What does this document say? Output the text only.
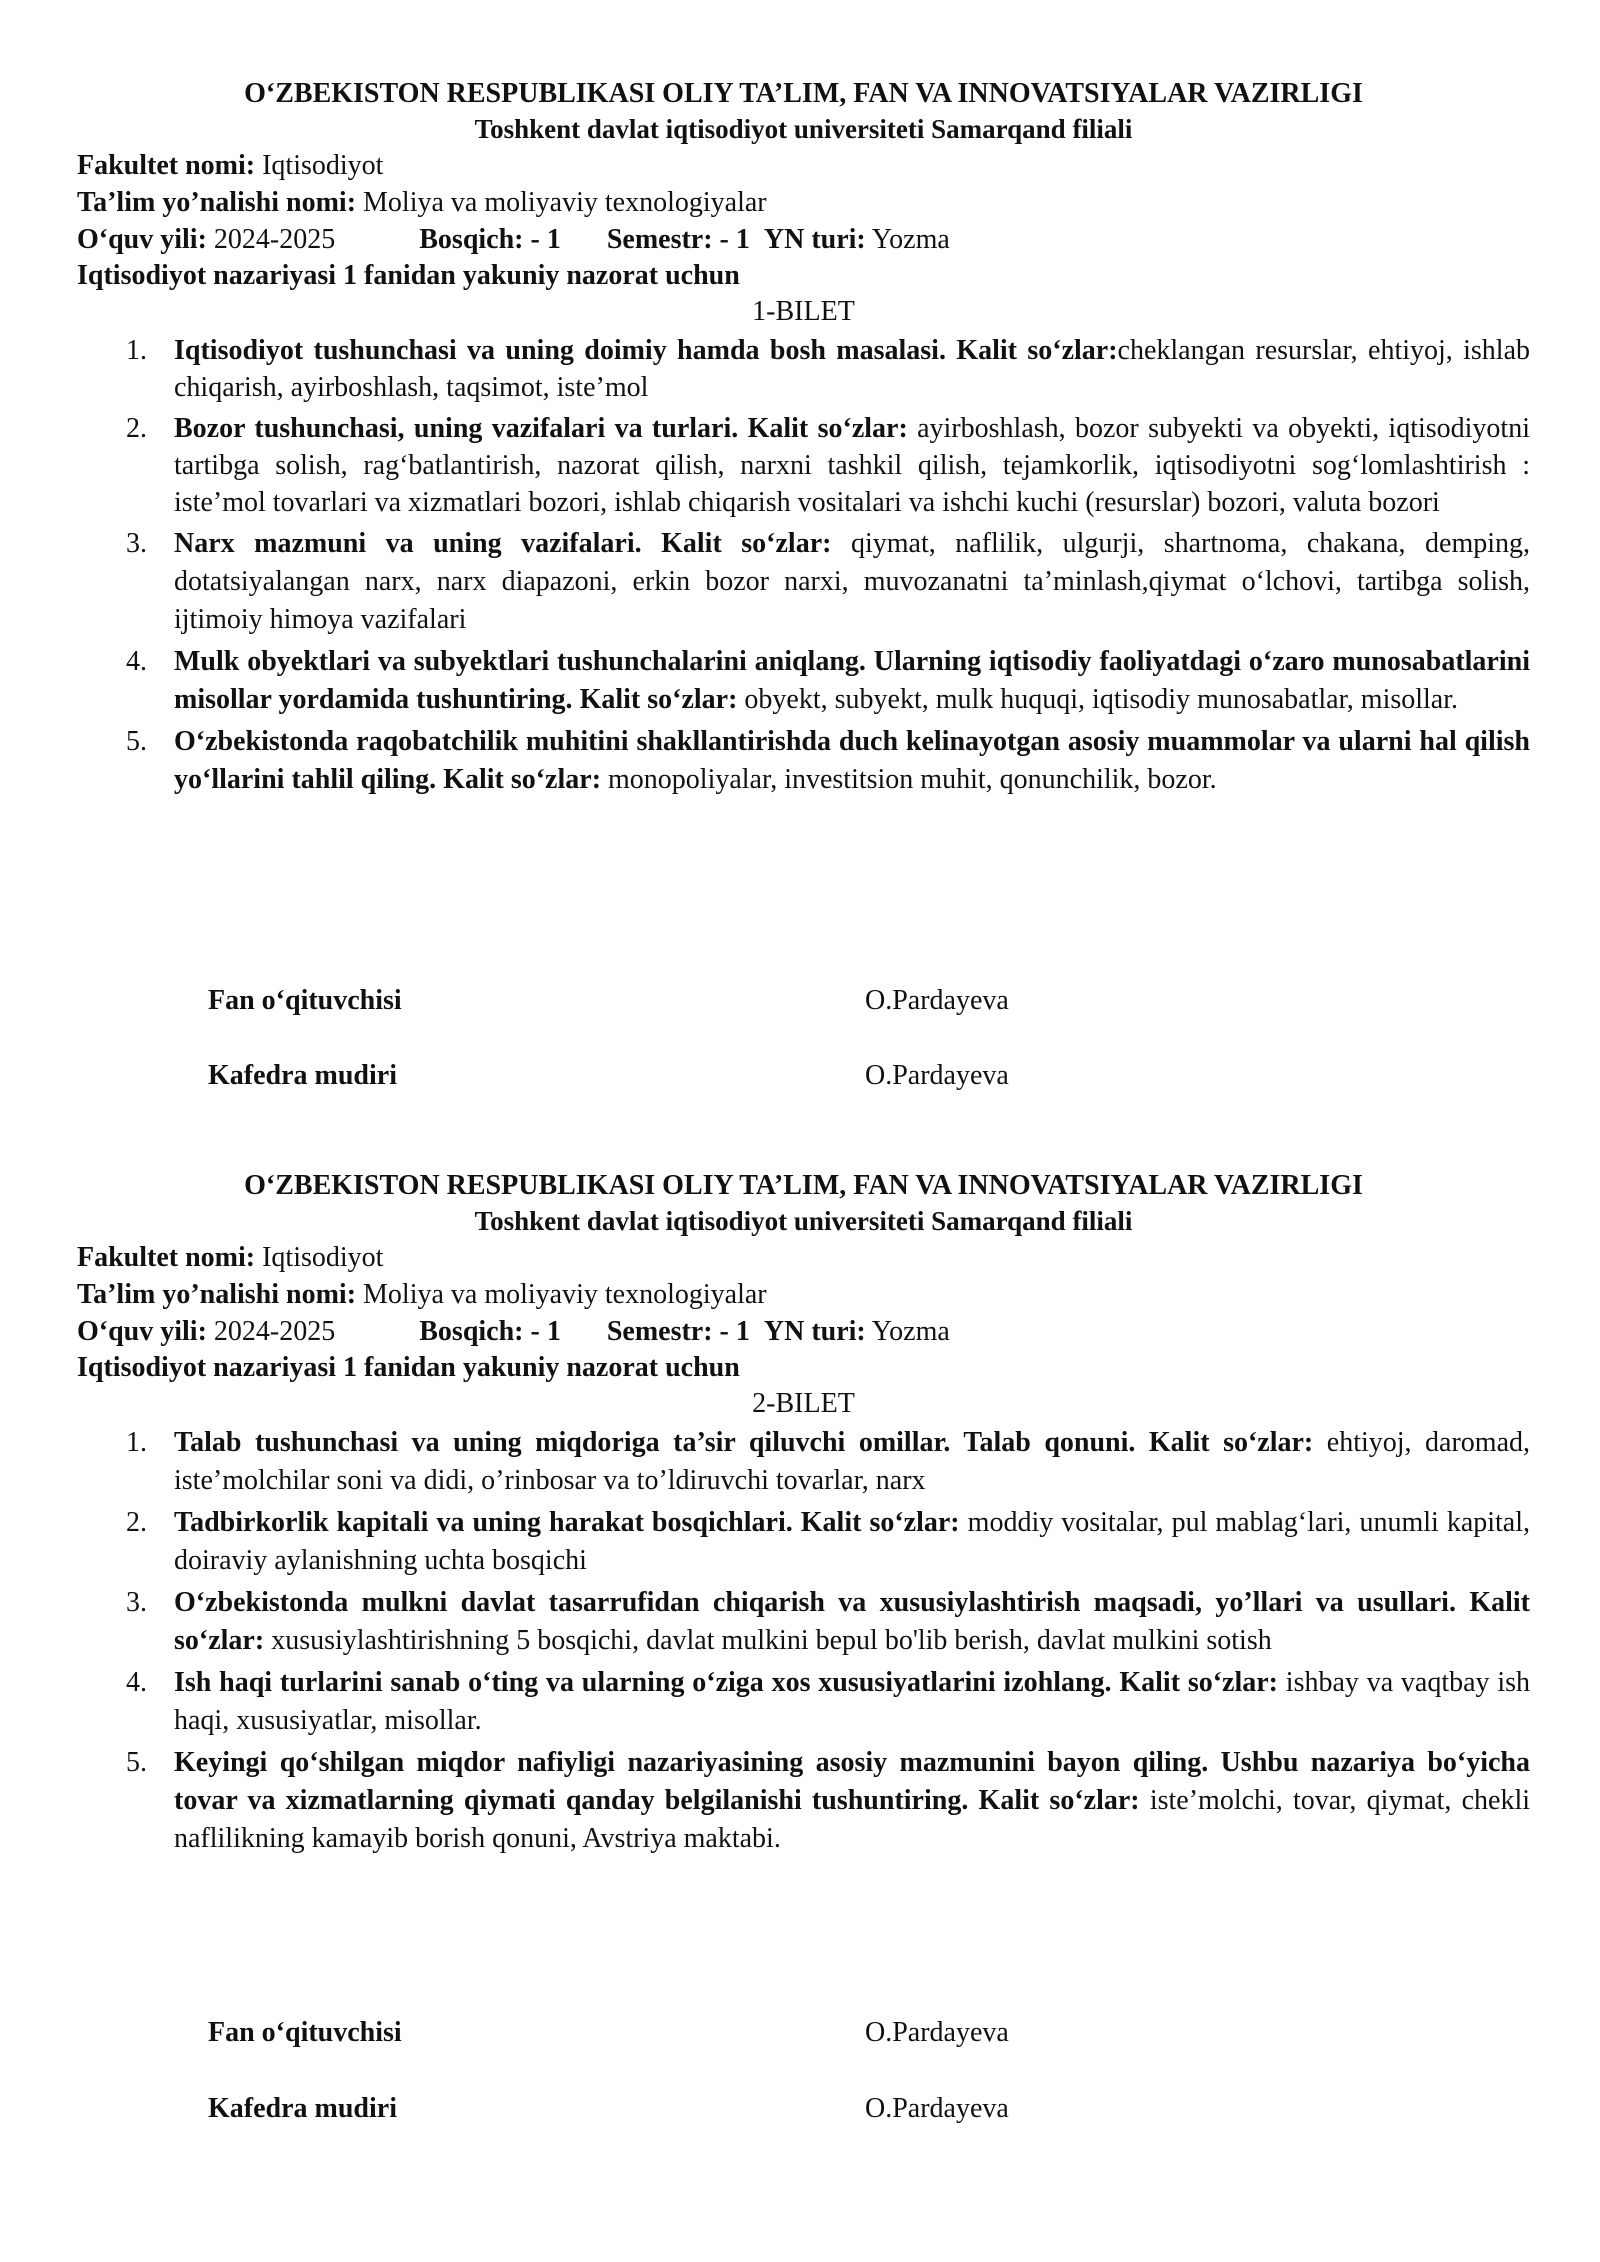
O‘ZBEKISTON RESPUBLIKASI OLIY TA’LIM, FAN VA INNOVATSIYALAR VAZIRLIGI

Toshkent davlat iqtisodiyot universiteti Samarqand filiali

Fakultet nomi: Iqtisodiyot

Ta’lim yo’nalishi nomi: Moliya va moliyaviy texnologiyalar

O‘quv yili: 2024-2025	Bosqich: - 1 Semestr: - 1 YN turi: Yozma

Iqtisodiyot nazariyasi 1 fanidan yakuniy nazorat uchun

1-BILET

1. Iqtisodiyot tushunchasi va uning doimiy hamda bosh masalasi. Kalit so‘zlar:cheklangan resurslar, ehtiyoj, ishlab chiqarish, ayirboshlash, taqsimot, iste’mol
2. Bozor tushunchasi, uning vazifalari va turlari. Kalit so‘zlar: ayirboshlash, bozor subyekti va obyekti, iqtisodiyotni tartibga solish, rag‘batlantirish, nazorat qilish, narxni tashkil qilish, tejamkorlik, iqtisodiyotni sog‘lomlashtirish : iste’mol tovarlari va xizmatlari bozori, ishlab chiqarish vositalari va ishchi kuchi (resurslar) bozori, valuta bozori
3. Narx mazmuni va uning vazifalari. Kalit so‘zlar: qiymat, naflilik, ulgurji, shartnoma, chakana, demping, dotatsiyalangan narx, narx diapazoni, erkin bozor narxi, muvozanatni ta’minlash,qiymat o‘lchovi, tartibga solish, ijtimoiy himoya vazifalari
4. Mulk obyektlari va subyektlari tushunchalarini aniqlang. Ularning iqtisodiy faoliyatdagi o‘zaro munosabatlarini misollar yordamida tushuntiring. Kalit so‘zlar: obyekt, subyekt, mulk huquqi, iqtisodiy munosabatlar, misollar.
5. O‘zbekistonda raqobatchilik muhitini shakllantirishda duch kelinayotgan asosiy muammolar va ularni hal qilish yo‘llarini tahlil qiling. Kalit so‘zlar: monopoliyalar, investitsion muhit, qonunchilik, bozor.
Fan o‘qituvchisi	O.Pardayeva
Kafedra mudiri	O.Pardayeva

O‘ZBEKISTON RESPUBLIKASI OLIY TA’LIM, FAN VA INNOVATSIYALAR VAZIRLIGI

Toshkent davlat iqtisodiyot universiteti Samarqand filiali

Fakultet nomi: Iqtisodiyot

Ta’lim yo’nalishi nomi: Moliya va moliyaviy texnologiyalar

O‘quv yili: 2024-2025	Bosqich: - 1 Semestr: - 1 YN turi: Yozma

Iqtisodiyot nazariyasi 1 fanidan yakuniy nazorat uchun

2-BILET

1. Talab tushunchasi va uning miqdoriga ta’sir qiluvchi omillar. Talab qonuni. Kalit so‘zlar: ehtiyoj, daromad, iste’molchilar soni va didi, o’rinbosar va to’ldiruvchi tovarlar, narx
2. Tadbirkorlik kapitali va uning harakat bosqichlari. Kalit so‘zlar: moddiy vositalar, pul mablag‘lari, unumli kapital, doiraviy aylanishning uchta bosqichi
3. O‘zbekistonda mulkni davlat tasarrufidan chiqarish va xususiylashtirish maqsadi, yo’llari va usullari. Kalit so‘zlar: xususiylashtirishning 5 bosqichi, davlat mulkini bepul bo'lib berish, davlat mulkini sotish
4. Ish haqi turlarini sanab o‘ting va ularning o‘ziga xos xususiyatlarini izohlang. Kalit so‘zlar: ishbay va vaqtbay ish haqi, xususiyatlar, misollar.
5. Keyingi qo‘shilgan miqdor nafiyligi nazariyasining asosiy mazmunini bayon qiling. Ushbu nazariya bo‘yicha tovar va xizmatlarning qiymati qanday belgilanishi tushuntiring. Kalit so‘zlar: iste’molchi, tovar, qiymat, chekli naflilikning kamayib borish qonuni, Avstriya maktabi.
Fan o‘qituvchisi	O.Pardayeva
Kafedra mudiri	O.Pardayeva
